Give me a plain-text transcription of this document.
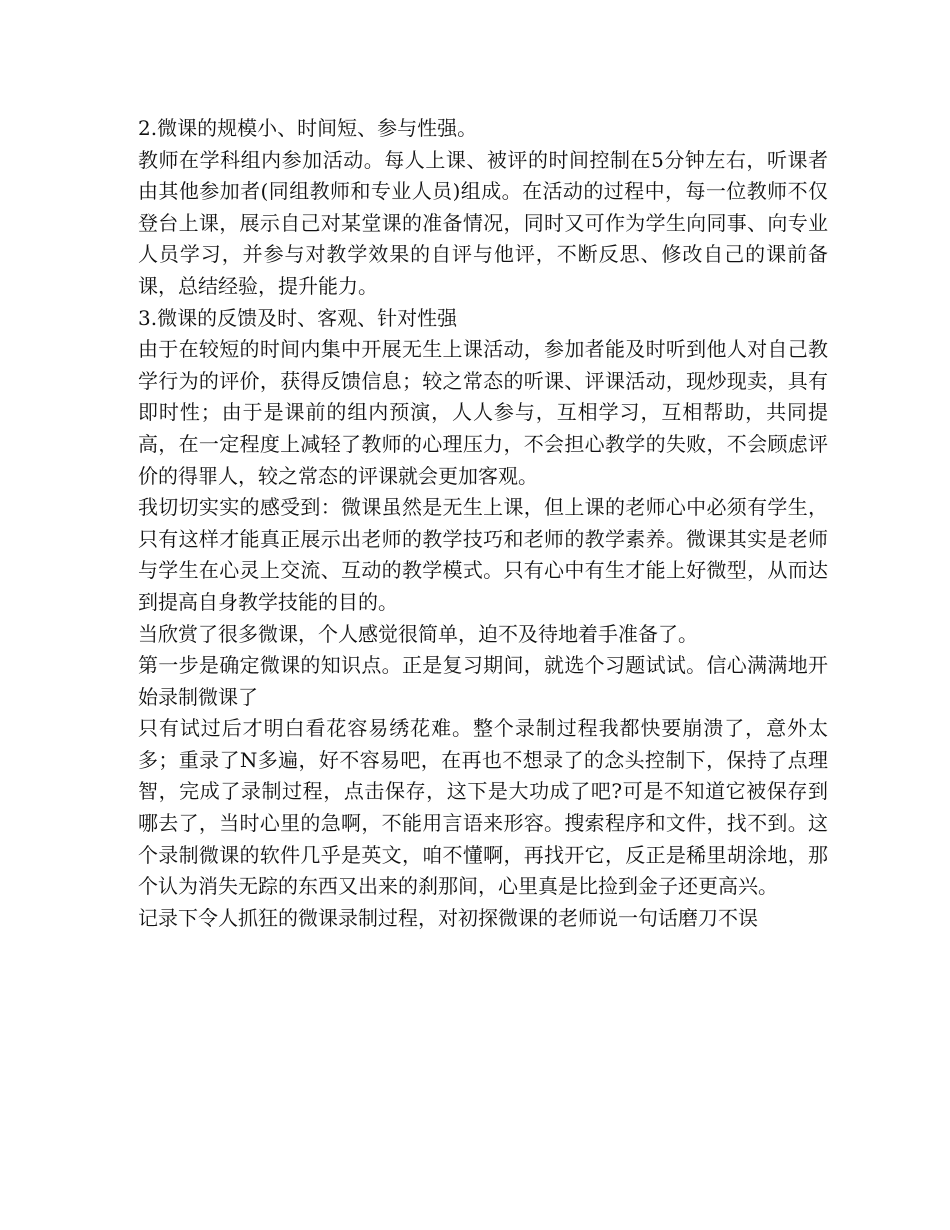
2.微课的规模小、时间短、参与性强。

教师在学科组内参加活动。每人上课、被评的时间控制在5分钟左右，听课者由其他参加者(同组教师和专业人员)组成。在活动的过程中，每一位教师不仅登台上课，展示自己对某堂课的准备情况，同时又可作为学生向同事、向专业人员学习，并参与对教学效果的自评与他评，不断反思、修改自己的课前备课，总结经验，提升能力。

3.微课的反馈及时、客观、针对性强

由于在较短的时间内集中开展无生上课活动，参加者能及时听到他人对自己教学行为的评价，获得反馈信息；较之常态的听课、评课活动，现炒现卖，具有即时性；由于是课前的组内预演，人人参与，互相学习，互相帮助，共同提高，在一定程度上减轻了教师的心理压力，不会担心教学的失败，不会顾虑评价的得罪人，较之常态的评课就会更加客观。

我切切实实的感受到：微课虽然是无生上课，但上课的老师心中必须有学生，只有这样才能真正展示出老师的教学技巧和老师的教学素养。微课其实是老师与学生在心灵上交流、互动的教学模式。只有心中有生才能上好微型，从而达到提高自身教学技能的目的。

当欣赏了很多微课，个人感觉很简单，迫不及待地着手准备了。

第一步是确定微课的知识点。正是复习期间，就选个习题试试。信心满满地开始录制微课了

只有试过后才明白看花容易绣花难。整个录制过程我都快要崩溃了，意外太多；重录了N多遍，好不容易吧，在再也不想录了的念头控制下，保持了点理智，完成了录制过程，点击保存，这下是大功成了吧?可是不知道它被保存到哪去了，当时心里的急啊，不能用言语来形容。搜索程序和文件，找不到。这个录制微课的软件几乎是英文，咱不懂啊，再找开它，反正是稀里胡涂地，那个认为消失无踪的东西又出来的刹那间，心里真是比捡到金子还更高兴。

记录下令人抓狂的微课录制过程，对初探微课的老师说一句话磨刀不误
